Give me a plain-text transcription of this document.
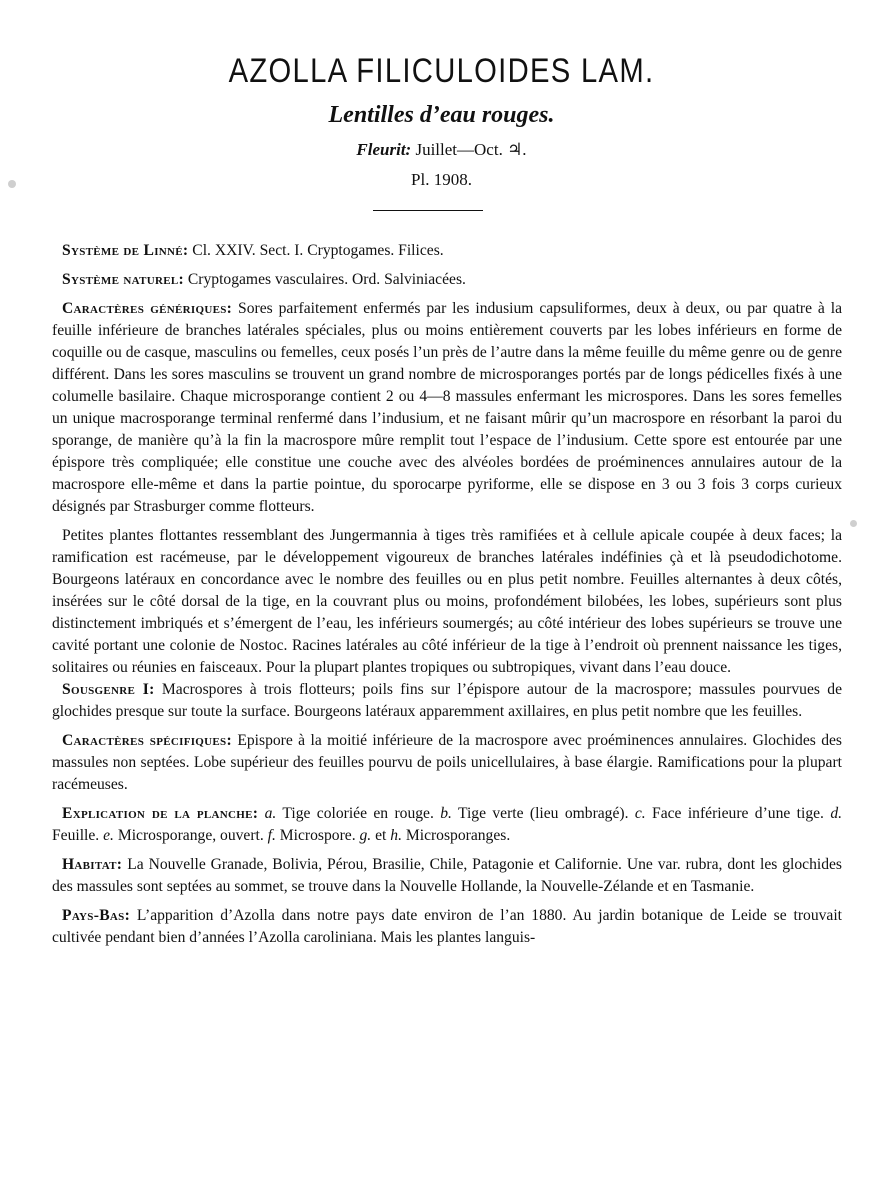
AZOLLA FILICULOIDES LAM.
Lentilles d’eau rouges.
Fleurit: Juillet—Oct. ♃.
Pl. 1908.

Système de Linné: Cl. XXIV. Sect. I. Cryptogames. Filices.

Système naturel: Cryptogames vasculaires. Ord. Salviniacées.

Caractères génériques: Sores parfaitement enfermés par les indusium capsuliformes, deux à deux, ou par quatre à la feuille inférieure de branches latérales spéciales, plus ou moins entièrement couverts par les lobes inférieurs en forme de coquille ou de casque, masculins ou femelles, ceux posés l’un près de l’autre dans la même feuille du même genre ou de genre différent. Dans les sores masculins se trouvent un grand nombre de microsporanges portés par de longs pédicelles fixés à une columelle basilaire. Chaque microsporange contient 2 ou 4—8 massules enfermant les microspores. Dans les sores femelles un unique macrosporange terminal renfermé dans l’indusium, et ne faisant mûrir qu’un macrospore en résorbant la paroi du sporange, de manière qu’à la fin la macrospore mûre remplit tout l’espace de l’indusium. Cette spore est entourée par une épispore très compliquée; elle constitue une couche avec des alvéoles bordées de proéminences annulaires autour de la macrospore elle-même et dans la partie pointue, du sporocarpe pyriforme, elle se dispose en 3 ou 3 fois 3 corps curieux désignés par Strasburger comme flotteurs.

Petites plantes flottantes ressemblant des Jungermannia à tiges très ramifiées et à cellule apicale coupée à deux faces; la ramification est racémeuse, par le développement vigoureux de branches latérales indéfinies çà et là pseudodichotome. Bourgeons latéraux en concordance avec le nombre des feuilles ou en plus petit nombre. Feuilles alternantes à deux côtés, insérées sur le côté dorsal de la tige, en la couvrant plus ou moins, profondément bilobées, les lobes, supérieurs sont plus distinctement imbriqués et s’émergent de l’eau, les inférieurs soumergés; au côté intérieur des lobes supérieurs se trouve une cavité portant une colonie de Nostoc. Racines latérales au côté inférieur de la tige à l’endroit où prennent naissance les tiges, solitaires ou réunies en faisceaux. Pour la plupart plantes tropiques ou subtropiques, vivant dans l’eau douce.

Sousgenre I: Macrospores à trois flotteurs; poils fins sur l’épispore autour de la macrospore; massules pourvues de glochides presque sur toute la surface. Bourgeons latéraux apparemment axillaires, en plus petit nombre que les feuilles.

Caractères spécifiques: Epispore à la moitié inférieure de la macrospore avec proéminences annulaires. Glochides des massules non septées. Lobe supérieur des feuilles pourvu de poils unicellulaires, à base élargie. Ramifications pour la plupart racémeuses.

Explication de la planche: a. Tige coloriée en rouge. b. Tige verte (lieu ombragé). c. Face inférieure d’une tige. d. Feuille. e. Microsporange, ouvert. f. Microspore. g. et h. Microsporanges.

Habitat: La Nouvelle Granade, Bolivia, Pérou, Brasilie, Chile, Patagonie et Californie. Une var. rubra, dont les glochides des massules sont septées au sommet, se trouve dans la Nouvelle Hollande, la Nouvelle-Zélande et en Tasmanie.

Pays-Bas: L’apparition d’Azolla dans notre pays date environ de l’an 1880. Au jardin botanique de Leide se trouvait cultivée pendant bien d’années l’Azolla caroliniana. Mais les plantes languis-
